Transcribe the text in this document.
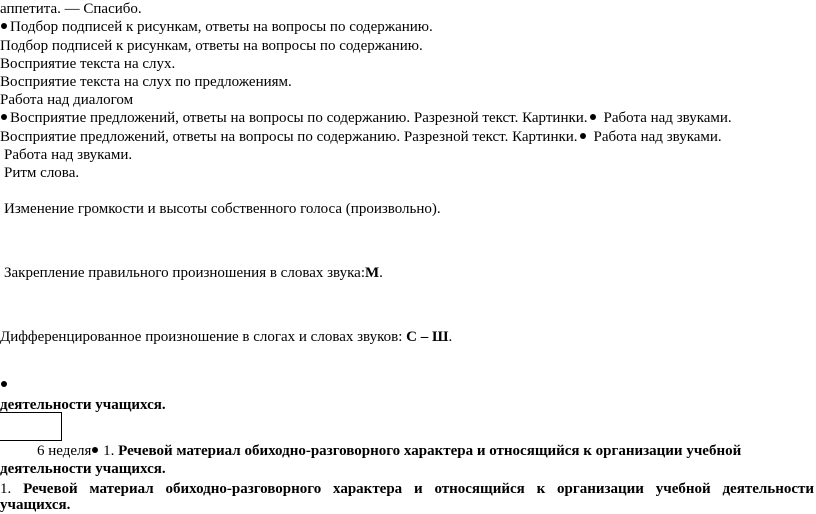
аппетита. — Спасибо.
Подбор подписей к рисункам, ответы на вопросы по содержанию.
Подбор подписей к рисункам, ответы на вопросы по содержанию.
Восприятие текста на слух.
Восприятие текста на слух по предложениям.
Работа над диалогом
Восприятие предложений, ответы на вопросы по содержанию. Разрезной текст. Картинки. Работа над звуками.
Восприятие предложений, ответы на вопросы по содержанию. Разрезной текст. Картинки. Работа над звуками.
Работа над звуками.
Ритм слова.
Изменение громкости и высоты собственного голоса (произвольно).
Закрепление правильного произношения в словах звука:М.
Дифференцированное произношение в слогах и словах звуков: С – Ш.
деятельности учащихся.
6 неделя 1. Речевой материал обиходно-разговорного характера и относящийся к организации учебной
деятельности учащихся.
1. Речевой материал обиходно-разговорного характера и относящийся к организации учебной деятельности
учащихся.
